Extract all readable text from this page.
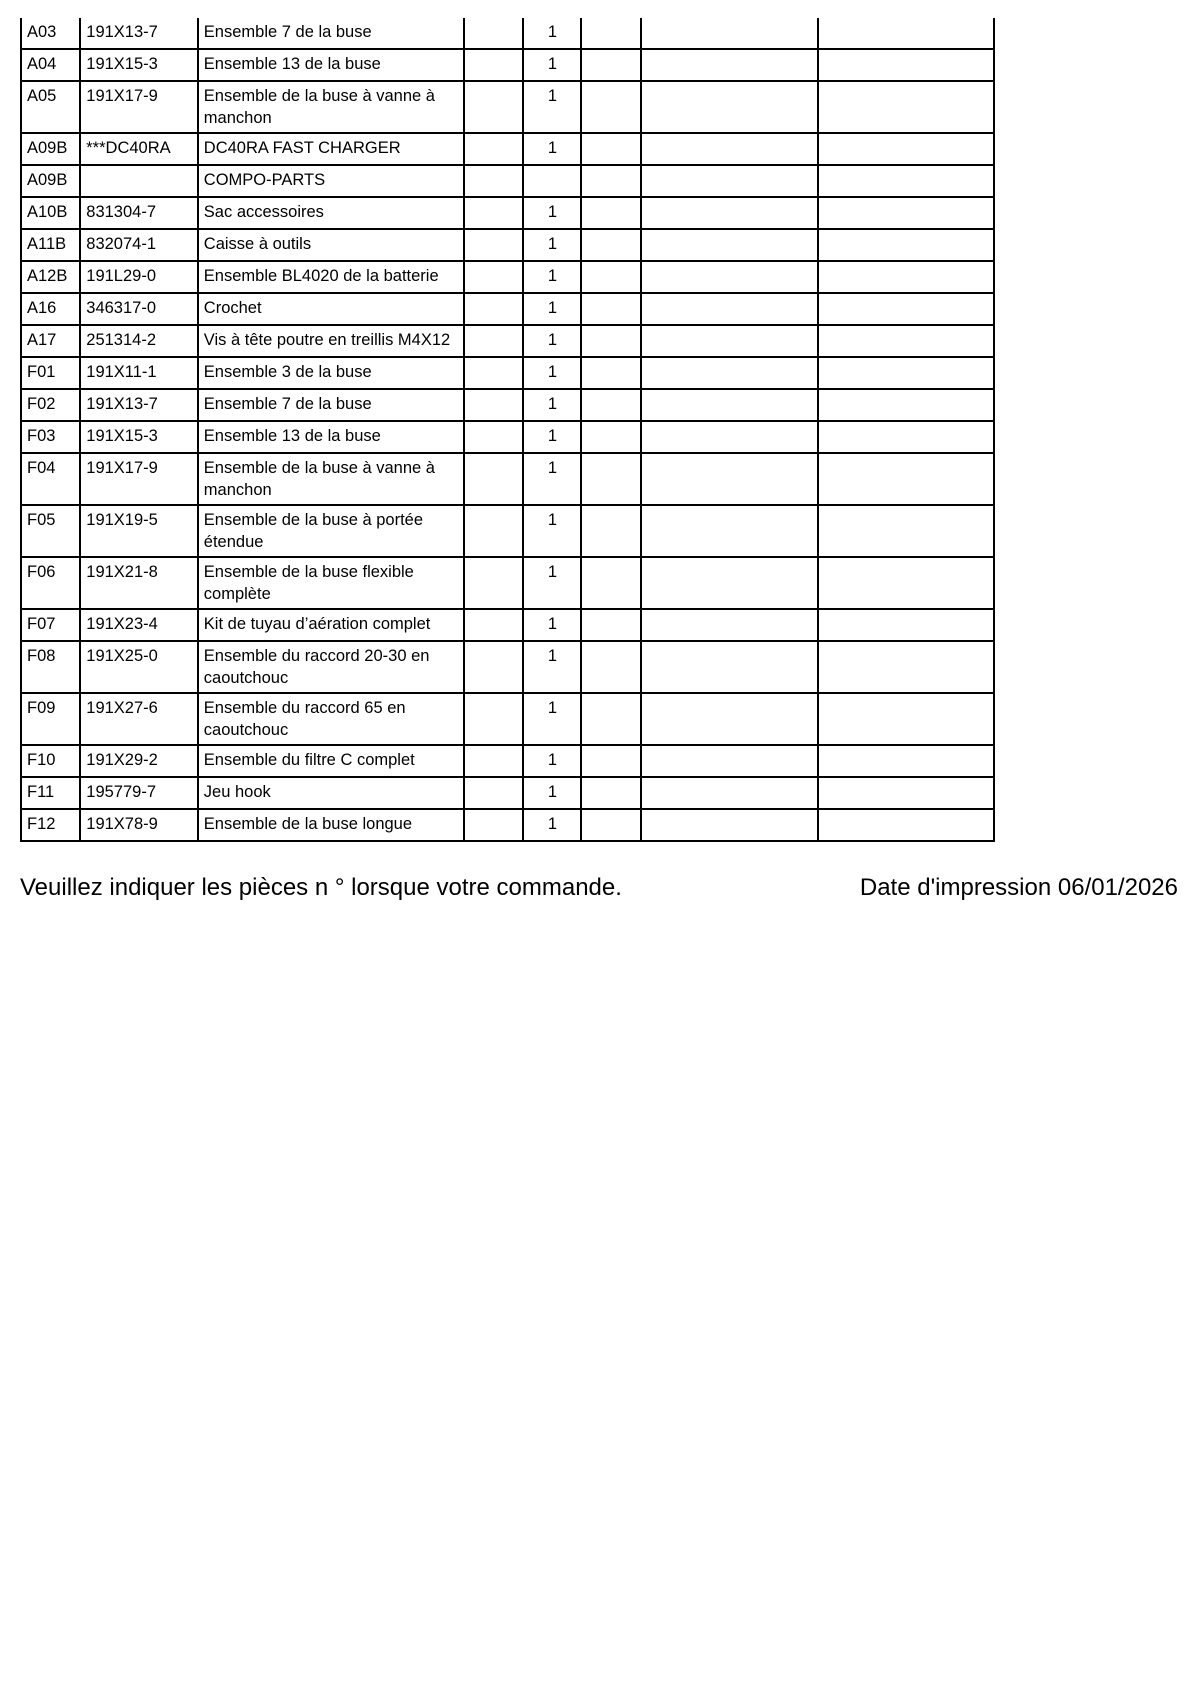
A03	191X13-7	Ensemble 7 de la buse		1			
A04	191X15-3	Ensemble 13 de la buse		1			
A05	191X17-9	Ensemble de la buse à vanne à manchon		1			
A09B	***DC40RA	DC40RA FAST CHARGER		1			
A09B		COMPO-PARTS					
A10B	831304-7	Sac accessoires		1			
A11B	832074-1	Caisse à outils		1			
A12B	191L29-0	Ensemble BL4020 de la batterie		1			
A16	346317-0	Crochet		1			
A17	251314-2	Vis à tête poutre en treillis M4X12		1			
F01	191X11-1	Ensemble 3 de la buse		1			
F02	191X13-7	Ensemble 7 de la buse		1			
F03	191X15-3	Ensemble 13 de la buse		1			
F04	191X17-9	Ensemble de la buse à vanne à manchon		1			
F05	191X19-5	Ensemble de la buse à portée étendue		1			
F06	191X21-8	Ensemble de la buse flexible complète		1			
F07	191X23-4	Kit de tuyau d’aération complet		1			
F08	191X25-0	Ensemble du raccord 20-30 en caoutchouc		1			
F09	191X27-6	Ensemble du raccord 65 en caoutchouc		1			
F10	191X29-2	Ensemble du filtre C complet		1			
F11	195779-7	Jeu hook		1			
F12	191X78-9	Ensemble de la buse longue		1			
Veuillez indiquer les pièces n ° lorsque votre commande.	Date d'impression 06/01/2026
